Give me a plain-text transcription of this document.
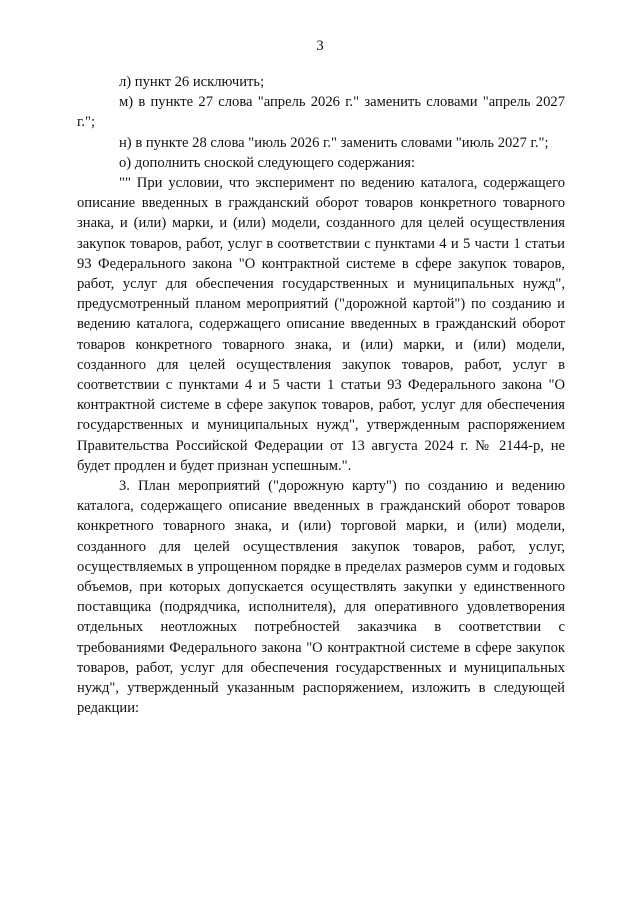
3

л) пункт 26 исключить;

м) в пункте 27 слова "апрель 2026 г." заменить словами "апрель 2027 г.";

н) в пункте 28 слова "июль 2026 г." заменить словами "июль 2027 г.";

о) дополнить сноской следующего содержания:

"" При условии, что эксперимент по ведению каталога, содержащего описание введенных в гражданский оборот товаров конкретного товарного знака, и (или) марки, и (или) модели, созданного для целей осуществления закупок товаров, работ, услуг в соответствии с пунктами 4 и 5 части 1 статьи 93 Федерального закона "О контрактной системе в сфере закупок товаров, работ, услуг для обеспечения государственных и муниципальных нужд", предусмотренный планом мероприятий ("дорожной картой") по созданию и ведению каталога, содержащего описание введенных в гражданский оборот товаров конкретного товарного знака, и (или) марки, и (или) модели, созданного для целей осуществления закупок товаров, работ, услуг в соответствии с пунктами 4 и 5 части 1 статьи 93 Федерального закона "О контрактной системе в сфере закупок товаров, работ, услуг для обеспечения государственных и муниципальных нужд", утвержденным распоряжением Правительства Российской Федерации от 13 августа 2024 г. № 2144-р, не будет продлен и будет признан успешным.".

3. План мероприятий ("дорожную карту") по созданию и ведению каталога, содержащего описание введенных в гражданский оборот товаров конкретного товарного знака, и (или) торговой марки, и (или) модели, созданного для целей осуществления закупок товаров, работ, услуг, осуществляемых в упрощенном порядке в пределах размеров сумм и годовых объемов, при которых допускается осуществлять закупки у единственного поставщика (подрядчика, исполнителя), для оперативного удовлетворения отдельных неотложных потребностей заказчика в соответствии с требованиями Федерального закона "О контрактной системе в сфере закупок товаров, работ, услуг для обеспечения государственных и муниципальных нужд", утвержденный указанным распоряжением, изложить в следующей редакции:
